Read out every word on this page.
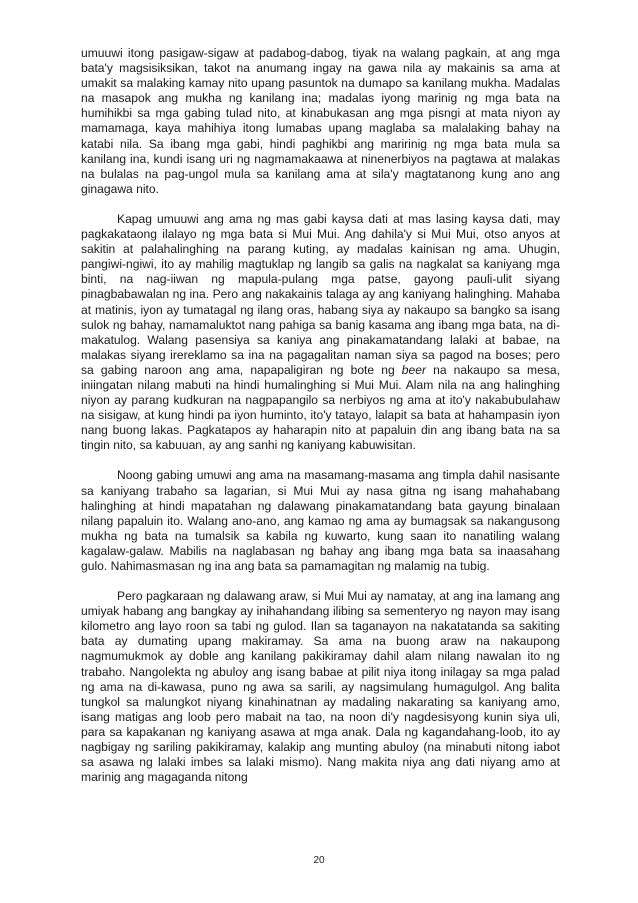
umuuwi itong pasigaw-sigaw at padabog-dabog, tiyak na walang pagkain, at ang mga bata'y magsisiksikan, takot na anumang ingay na gawa nila ay makainis sa ama at umakit sa malaking kamay nito upang pasuntok na dumapo sa kanilang mukha. Madalas na masapok ang mukha ng kanilang ina; madalas iyong marinig ng mga bata na humihikbi sa mga gabing tulad nito, at kinabukasan ang mga pisngi at mata niyon ay mamamaga, kaya mahihiya itong lumabas upang maglaba sa malalaking bahay na katabi nila. Sa ibang mga gabi, hindi paghikbi ang maririnig ng mga bata mula sa kanilang ina, kundi isang uri ng nagmamakaawa at ninenerbiyos na pagtawa at malakas na bulalas na pag-ungol mula sa kanilang ama at sila'y magtatanong kung ano ang ginagawa nito.

Kapag umuuwi ang ama ng mas gabi kaysa dati at mas lasing kaysa dati, may pagkakataong ilalayo ng mga bata si Mui Mui. Ang dahila'y si Mui Mui, otso anyos at sakitin at palahalinghing na parang kuting, ay madalas kainisan ng ama. Uhugin, pangiwi-ngiwi, ito ay mahilig magtuklap ng langib sa galis na nagkalat sa kaniyang mga binti, na nag-iiwan ng mapula-pulang mga patse, gayong pauli-ulit siyang pinagbabawalan ng ina. Pero ang nakakainis talaga ay ang kaniyang halinghing. Mahaba at matinis, iyon ay tumatagal ng ilang oras, habang siya ay nakaupo sa bangko sa isang sulok ng bahay, namamaluktot nang pahiga sa banig kasama ang ibang mga bata, na di-makatulog. Walang pasensiya sa kaniya ang pinakamatandang lalaki at babae, na malakas siyang irereklamo sa ina na pagagalitan naman siya sa pagod na boses; pero sa gabing naroon ang ama, napapaligiran ng bote ng beer na nakaupo sa mesa, iniingatan nilang mabuti na hindi humalinghing si Mui Mui. Alam nila na ang halinghing niyon ay parang kudkuran na nagpapangilo sa nerbiyos ng ama at ito'y nakabubulahaw na sisigaw, at kung hindi pa iyon huminto, ito'y tatayo, lalapit sa bata at hahampasin iyon nang buong lakas. Pagkatapos ay haharapin nito at papaluin din ang ibang bata na sa tingin nito, sa kabuuan, ay ang sanhi ng kaniyang kabuwisitan.

Noong gabing umuwi ang ama na masamang-masama ang timpla dahil nasisante sa kaniyang trabaho sa lagarian, si Mui Mui ay nasa gitna ng isang mahahabang halinghing at hindi mapatahan ng dalawang pinakamatandang bata gayung binalaan nilang papaluin ito. Walang ano-ano, ang kamao ng ama ay bumagsak sa nakangusong mukha ng bata na tumalsik sa kabila ng kuwarto, kung saan ito nanatiling walang kagalaw-galaw. Mabilis na naglabasan ng bahay ang ibang mga bata sa inaasahang gulo. Nahimasmasan ng ina ang bata sa pamamagitan ng malamig na tubig.

Pero pagkaraan ng dalawang araw, si Mui Mui ay namatay, at ang ina lamang ang umiyak habang ang bangkay ay inihahandang ilibing sa sementeryo ng nayon may isang kilometro ang layo roon sa tabi ng gulod. Ilan sa taganayon na nakatatanda sa sakiting bata ay dumating upang makiramay. Sa ama na buong araw na nakaupong nagmumukmok ay doble ang kanilang pakikiramay dahil alam nilang nawalan ito ng trabaho. Nangolekta ng abuloy ang isang babae at pilit niya itong inilagay sa mga palad ng ama na di-kawasa, puno ng awa sa sarili, ay nagsimulang humagulgol. Ang balita tungkol sa malungkot niyang kinahinatnan ay madaling nakarating sa kaniyang amo, isang matigas ang loob pero mabait na tao, na noon di'y nagdesisyong kunin siya uli, para sa kapakanan ng kaniyang asawa at mga anak. Dala ng kagandahang-loob, ito ay nagbigay ng sariling pakikiramay, kalakip ang munting abuloy (na minabuti nitong iabot sa asawa ng lalaki imbes sa lalaki mismo). Nang makita niya ang dati niyang amo at marinig ang magaganda nitong

20
